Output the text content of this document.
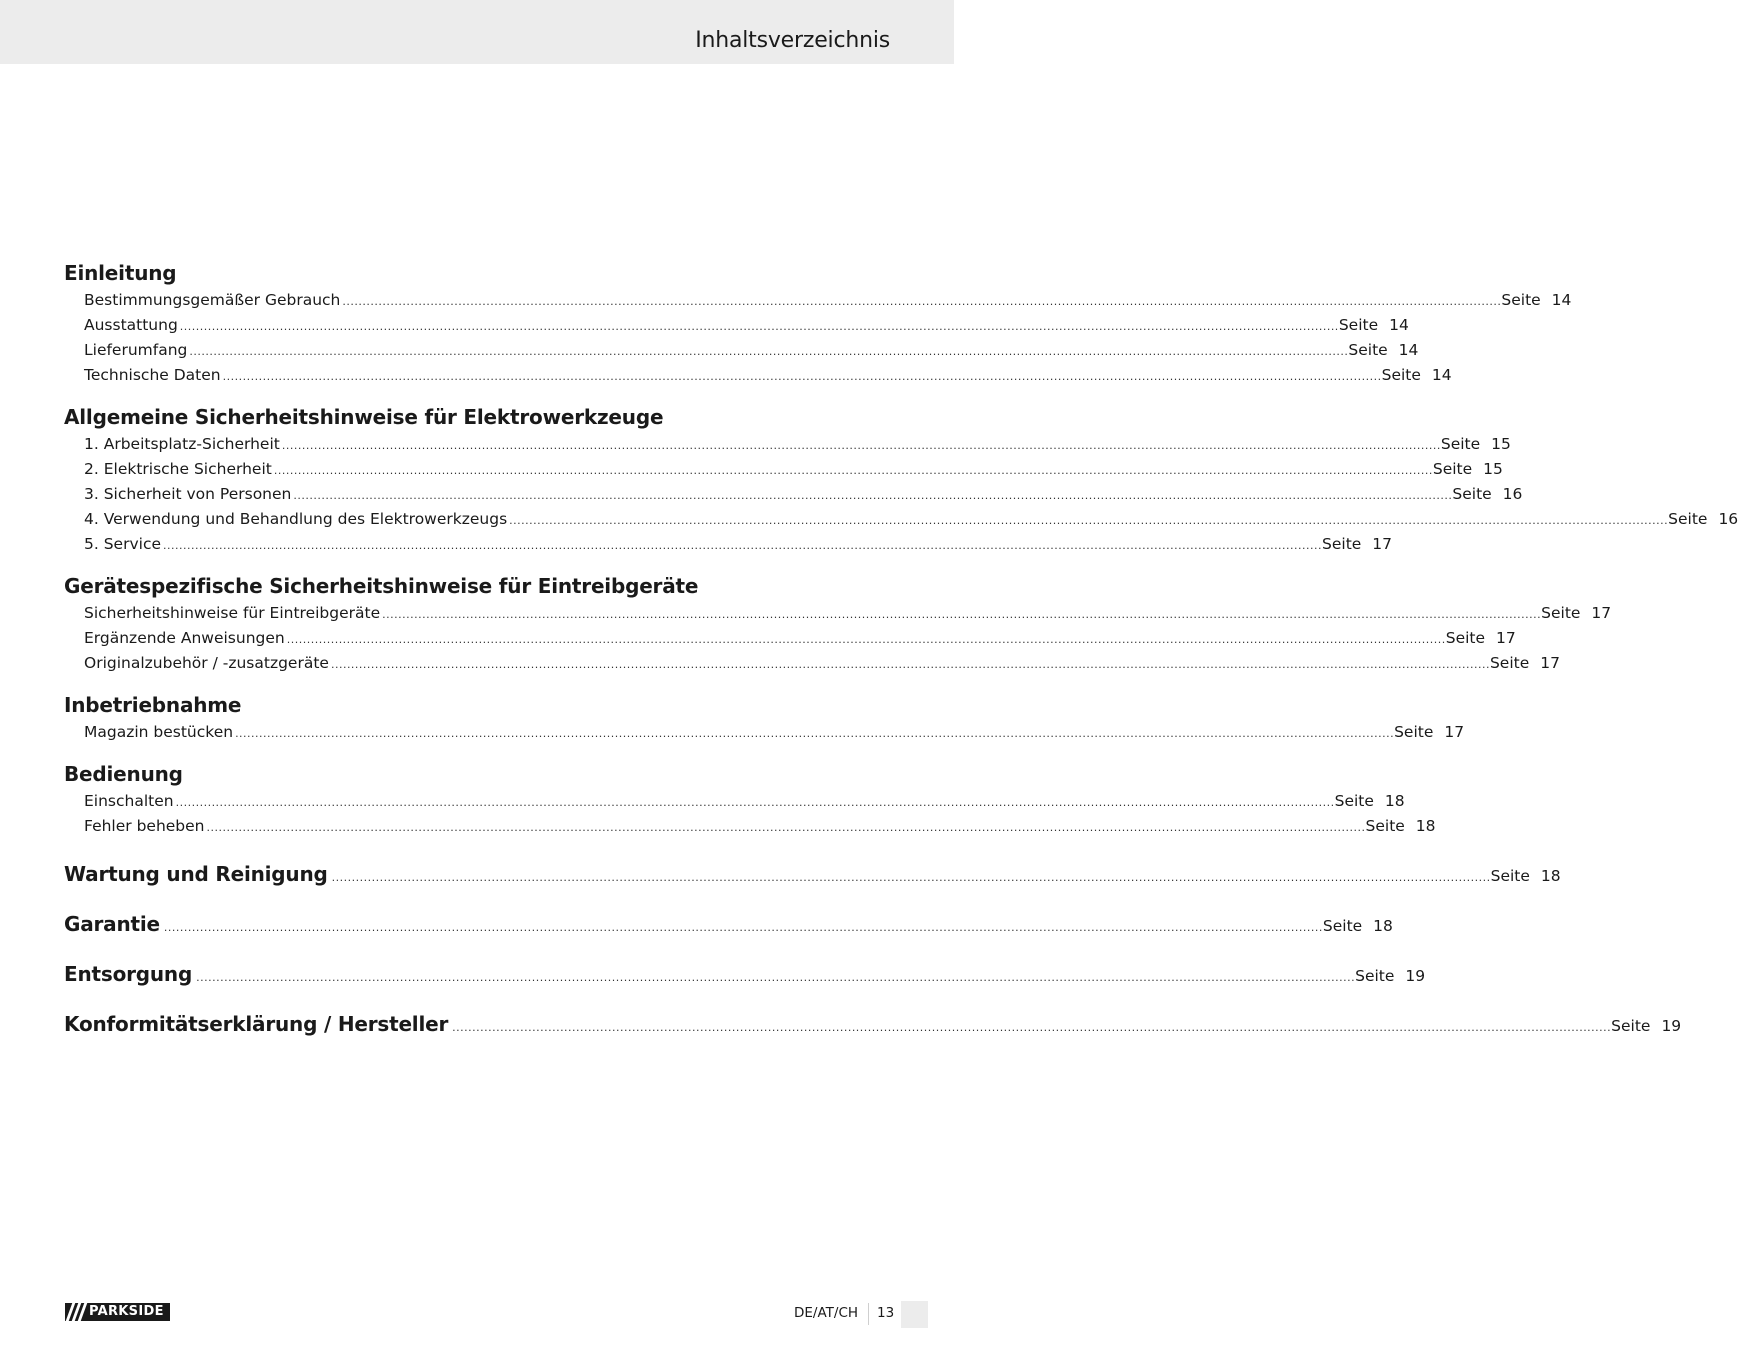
Inhaltsverzeichnis
Einleitung
Bestimmungsgemäßer Gebrauch .................................................................................................................................................................................................................................................................................................. Seite 14
Ausstattung .................................................................................................................................................................................................................................................................................................. Seite 14
Lieferumfang .................................................................................................................................................................................................................................................................................................. Seite 14
Technische Daten .................................................................................................................................................................................................................................................................................................. Seite 14
Allgemeine Sicherheitshinweise für Elektrowerkzeuge
1. Arbeitsplatz-Sicherheit .................................................................................................................................................................................................................................................................................................. Seite 15
2. Elektrische Sicherheit .................................................................................................................................................................................................................................................................................................. Seite 15
3. Sicherheit von Personen .................................................................................................................................................................................................................................................................................................. Seite 16
4. Verwendung und Behandlung des Elektrowerkzeugs .................................................................................................................................................................................................................................................................................................. Seite 16
5. Service .................................................................................................................................................................................................................................................................................................. Seite 17
Gerätespezifische Sicherheitshinweise für Eintreibgeräte
Sicherheitshinweise für Eintreibgeräte .................................................................................................................................................................................................................................................................................................. Seite 17
Ergänzende Anweisungen .................................................................................................................................................................................................................................................................................................. Seite 17
Originalzubehör / -zusatzgeräte .................................................................................................................................................................................................................................................................................................. Seite 17
Inbetriebnahme
Magazin bestücken .................................................................................................................................................................................................................................................................................................. Seite 17
Bedienung
Einschalten .................................................................................................................................................................................................................................................................................................. Seite 18
Fehler beheben .................................................................................................................................................................................................................................................................................................. Seite 18
Wartung und Reinigung .................................................................................................................................................................................................................................................................................................. Seite 18
Garantie .................................................................................................................................................................................................................................................................................................. Seite 18
Entsorgung .................................................................................................................................................................................................................................................................................................. Seite 19
Konformitätserklärung / Hersteller .................................................................................................................................................................................................................................................................................................. Seite 19
PARKSIDE	DE/AT/CH 13
